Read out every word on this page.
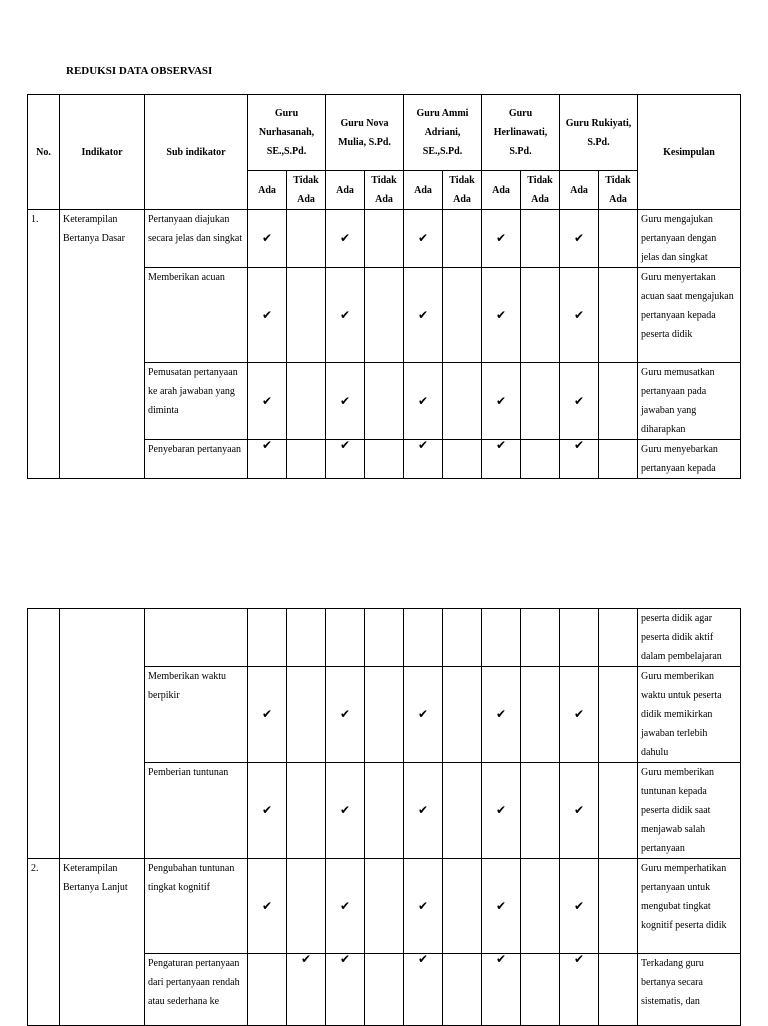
REDUKSI DATA OBSERVASI
No.	Indikator	Sub indikator	Guru Nurhasanah, SE.,S.Pd.		Guru Nova Mulia, S.Pd.		Guru Ammi Adriani, SE.,S.Pd.		Guru Herlinawati, S.Pd.		Guru Rukiyati, S.Pd.		Kesimpulan
			Ada	Tidak Ada	Ada	Tidak Ada	Ada	Tidak Ada	Ada	Tidak Ada	Ada	Tidak Ada	
1.	Keterampilan Bertanya Dasar	Pertanyaan diajukan secara jelas dan singkat	✔		✔		✔		✔		✔		Guru mengajukan pertanyaan dengan jelas dan singkat
		Memberikan acuan	✔		✔		✔		✔		✔		Guru menyertakan acuan saat mengajukan pertanyaan kepada peserta didik
		Pemusatan pertanyaan ke arah jawaban yang diminta	✔		✔		✔		✔		✔		Guru memusatkan pertanyaan pada jawaban yang diharapkan
		Penyebaran pertanyaan	✔		✔		✔		✔		✔		Guru menyebarkan pertanyaan kepada
													peserta didik agar peserta didik aktif dalam pembelajaran
		Memberikan waktu berpikir	✔		✔		✔		✔		✔		Guru memberikan waktu untuk peserta didik memikirkan jawaban terlebih dahulu
		Pemberian tuntunan	✔		✔		✔		✔		✔		Guru memberikan tuntunan kepada peserta didik saat menjawab salah pertanyaan
2.	Keterampilan Bertanya Lanjut	Pengubahan tuntunan tingkat kognitif	✔		✔		✔		✔		✔		Guru memperhatikan pertanyaan untuk mengubat tingkat kognitif peserta didik
		Pengaturan pertanyaan dari pertanyaan rendah atau sederhana ke		✔	✔		✔		✔		✔		Terkadang guru bertanya secara sistematis, dan
